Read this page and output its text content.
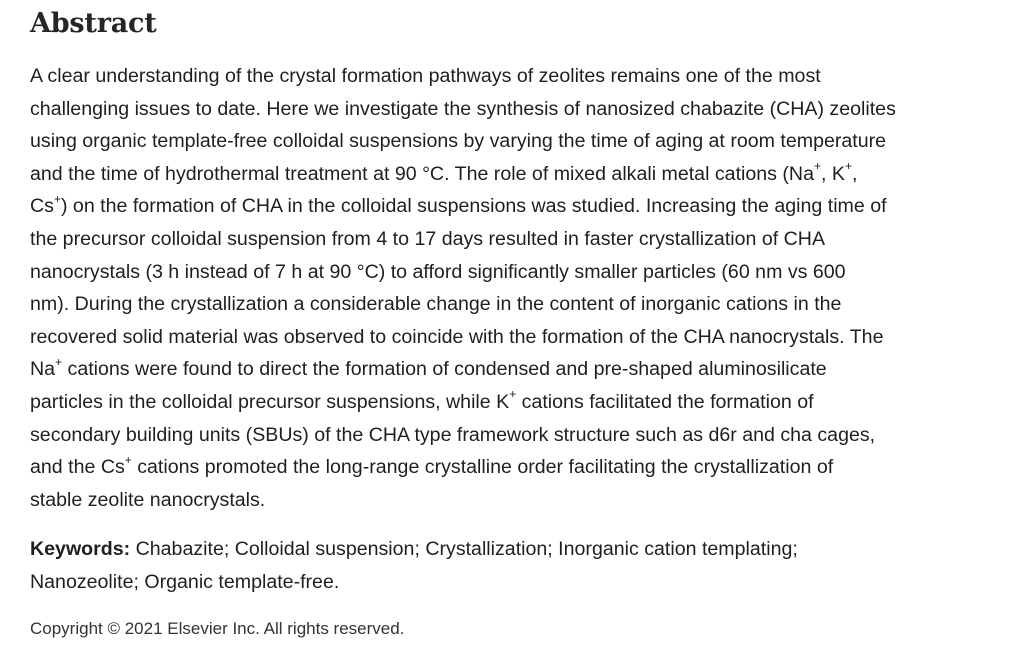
Abstract

A clear understanding of the crystal formation pathways of zeolites remains one of the most
challenging issues to date. Here we investigate the synthesis of nanosized chabazite (CHA) zeolites
using organic template-free colloidal suspensions by varying the time of aging at room temperature
and the time of hydrothermal treatment at 90 °C. The role of mixed alkali metal cations (Na+, K+,
Cs+) on the formation of CHA in the colloidal suspensions was studied. Increasing the aging time of
the precursor colloidal suspension from 4 to 17 days resulted in faster crystallization of CHA
nanocrystals (3 h instead of 7 h at 90 °C) to afford significantly smaller particles (60 nm vs 600
nm). During the crystallization a considerable change in the content of inorganic cations in the
recovered solid material was observed to coincide with the formation of the CHA nanocrystals. The
Na+ cations were found to direct the formation of condensed and pre-shaped aluminosilicate
particles in the colloidal precursor suspensions, while K+ cations facilitated the formation of
secondary building units (SBUs) of the CHA type framework structure such as d6r and cha cages,
and the Cs+ cations promoted the long-range crystalline order facilitating the crystallization of
stable zeolite nanocrystals.

Keywords: Chabazite; Colloidal suspension; Crystallization; Inorganic cation templating;
Nanozeolite; Organic template-free.

Copyright © 2021 Elsevier Inc. All rights reserved.
